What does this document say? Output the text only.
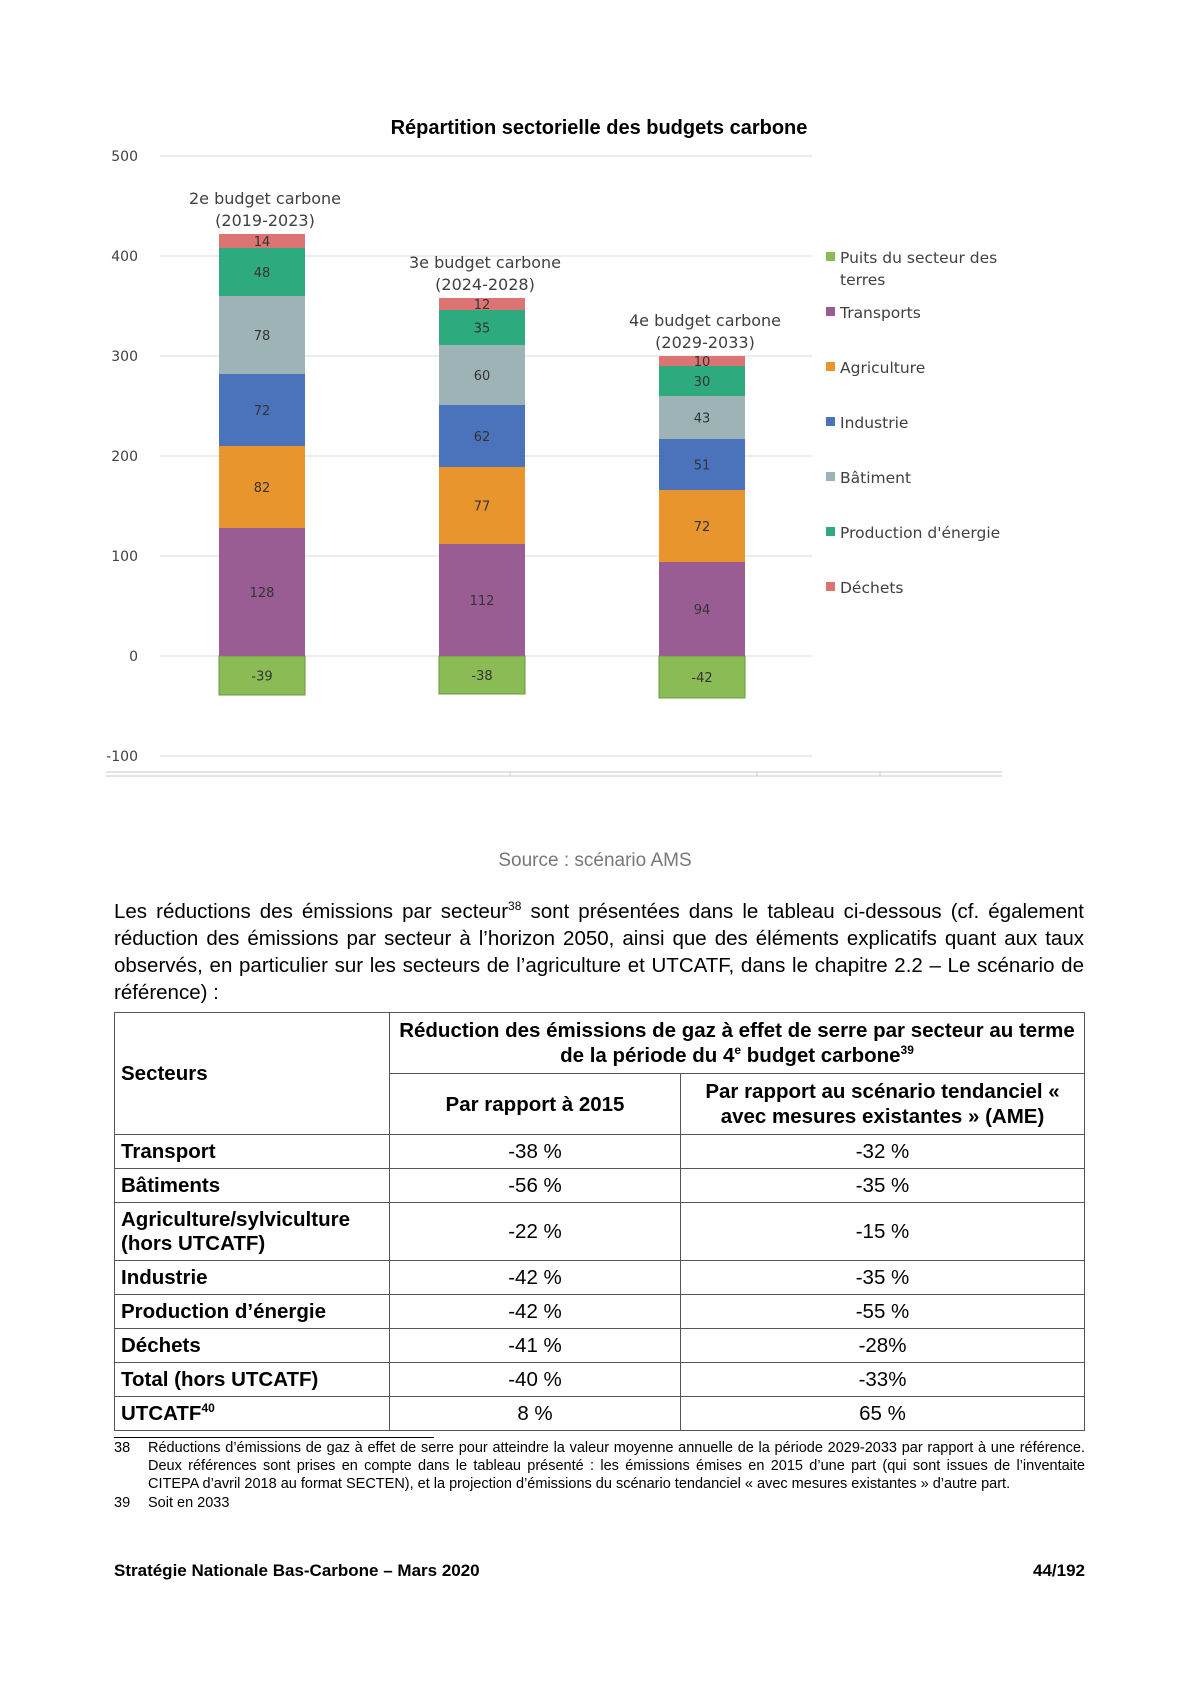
Répartition sectorielle des budgets carbone
-100
0
100
200
300
400
500
-39
128
82
72
78
48
14
2e budget carbone
(2019-2023)
-38
112
77
62
60
35
12
3e budget carbone
(2024-2028)
-42
94
72
51
43
30
10
4e budget carbone
(2029-2033)
Puits du secteur des
terres
Transports
Agriculture
Industrie
Bâtiment
Production d'énergie
Déchets
Source : scénario AMS
Les réductions des émissions par secteur$^{38}$ sont présentées dans le tableau ci-dessous (cf. également réduction des émissions par secteur à l’horizon 2050, ainsi que des éléments explicatifs quant aux taux observés, en particulier sur les secteurs de l’agriculture et UTCATF, dans le chapitre 2.2 – Le scénario de référence) :
Secteurs	Réduction des émissions de gaz à effet de serre par secteur au terme de la période du 4e budget carbone$^{39}$
	Par rapport à 2015	Par rapport au scénario tendanciel « avec mesures existantes » (AME)
Transport	-38 %	-32 %
Bâtiments	-56 %	-35 %
Agriculture/sylviculture (hors UTCATF)	-22 %	-15 %
Industrie	-42 %	-35 %
Production d’énergie	-42 %	-55 %
Déchets	-41 %	-28%
Total (hors UTCATF)	-40 %	-33%
UTCATF$^{40}$	8 %	65 %
38	Réductions d’émissions de gaz à effet de serre pour atteindre la valeur moyenne annuelle de la période 2029-2033 par rapport à une référence. Deux références sont prises en compte dans le tableau présenté : les émissions émises en 2015 d’une part (qui sont issues de l’inventaite CITEPA d’avril 2018 au format SECTEN), et la projection d’émissions du scénario tendanciel « avec mesures existantes » d’autre part.
39	Soit en 2033
Stratégie Nationale Bas-Carbone – Mars 2020	44/192
